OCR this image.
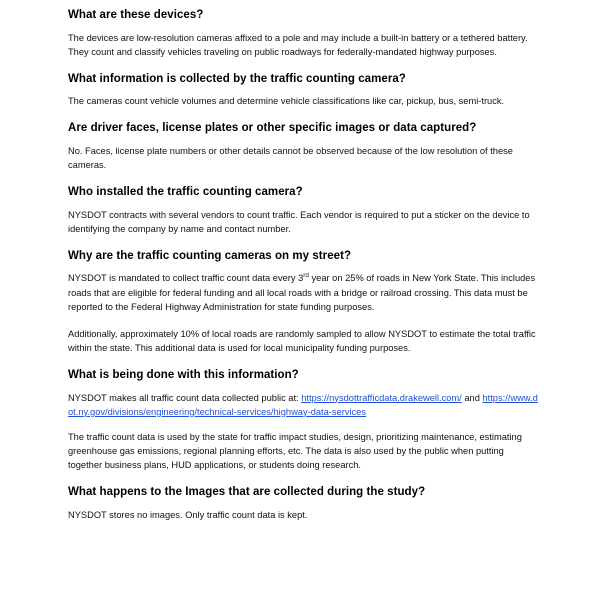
What are these devices?

The devices are low-resolution cameras affixed to a pole and may include a built-in battery or a tethered battery. They count and classify vehicles traveling on public roadways for federally-mandated highway purposes.

What information is collected by the traffic counting camera?

The cameras count vehicle volumes and determine vehicle classifications like car, pickup, bus, semi-truck.

Are driver faces, license plates or other specific images or data captured?

No. Faces, license plate numbers or other details cannot be observed because of the low resolution of these cameras.

Who installed the traffic counting camera?

NYSDOT contracts with several vendors to count traffic. Each vendor is required to put a sticker on the device to identifying the company by name and contact number.

Why are the traffic counting cameras on my street?

NYSDOT is mandated to collect traffic count data every 3rd year on 25% of roads in New York State. This includes roads that are eligible for federal funding and all local roads with a bridge or railroad crossing. This data must be reported to the Federal Highway Administration for state funding purposes.

Additionally, approximately 10% of local roads are randomly sampled to allow NYSDOT to estimate the total traffic within the state. This additional data is used for local municipality funding purposes.

What is being done with this information?

NYSDOT makes all traffic count data collected public at: https://nysdottrafficdata.drakewell.com/ and https://www.dot.ny.gov/divisions/engineering/technical-services/highway-data-services

The traffic count data is used by the state for traffic impact studies, design, prioritizing maintenance, estimating greenhouse gas emissions, regional planning efforts, etc. The data is also used by the public when putting together business plans, HUD applications, or students doing research.

What happens to the Images that are collected during the study?

NYSDOT stores no images. Only traffic count data is kept.
